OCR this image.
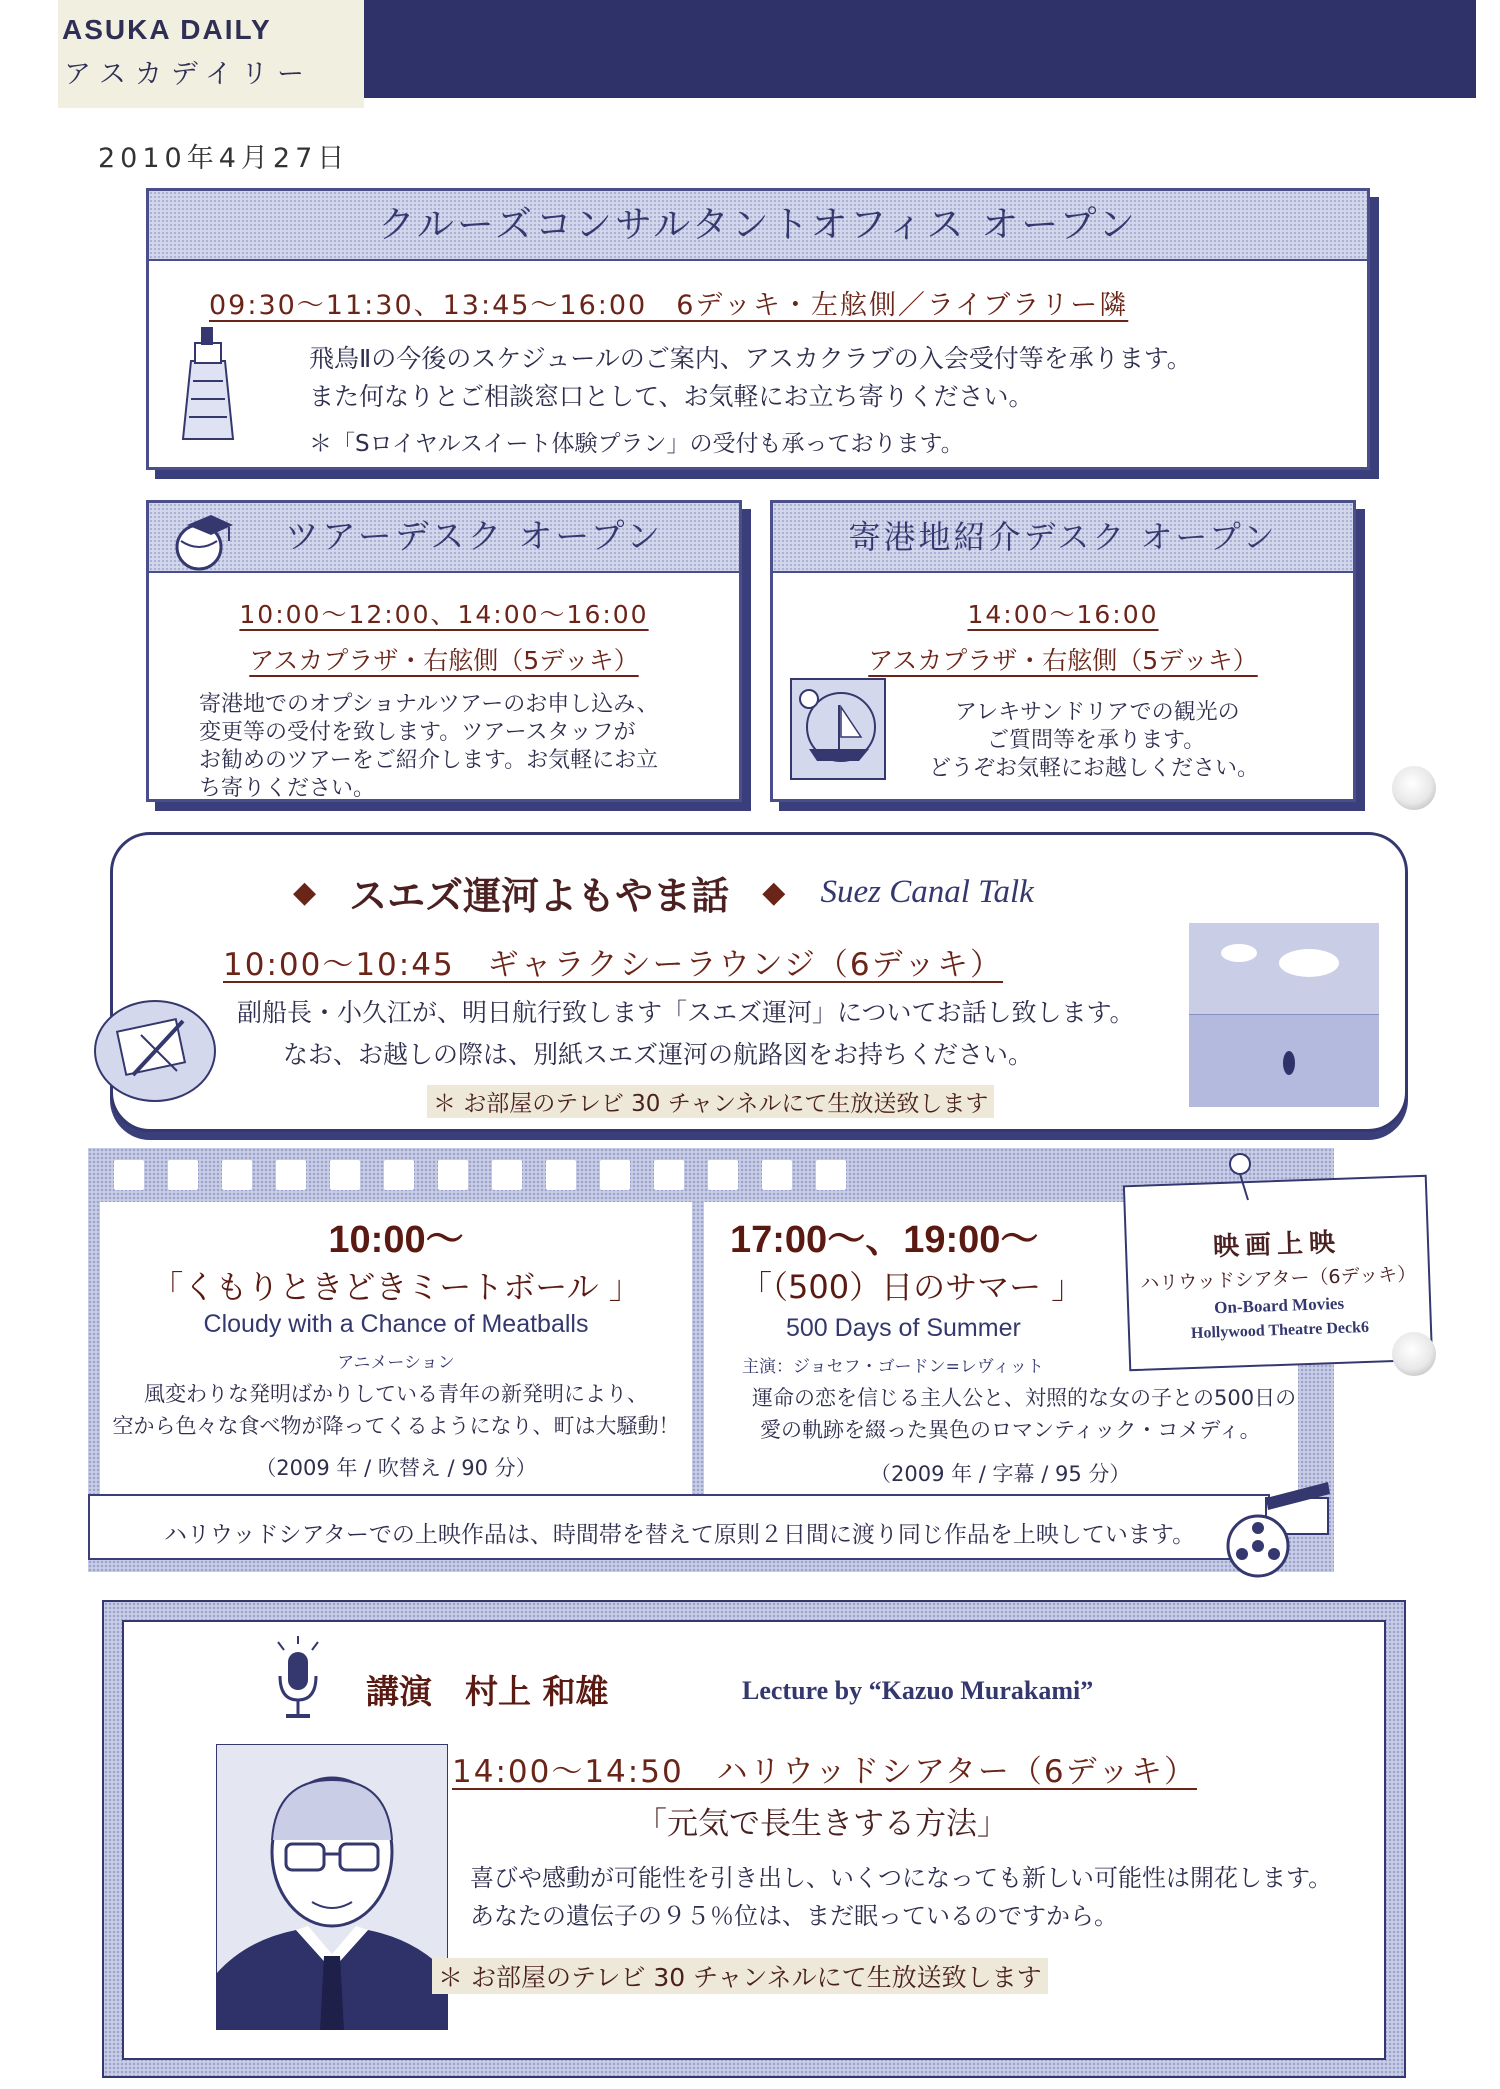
ASUKA DAILY
アスカデイリー
2010年4月27日
クルーズコンサルタントオフィス オープン
09:30～11:30、13:45～16:00　6デッキ・左舷側／ライブラリー隣
飛鳥Ⅱの今後のスケジュールのご案内、アスカクラブの入会受付等を承ります。
また何なりとご相談窓口として、お気軽にお立ち寄りください。
＊「Sロイヤルスイート体験プラン」の受付も承っております。
ツアーデスク オープン
10:00～12:00、14:00～16:00
アスカプラザ・右舷側（5デッキ）
寄港地でのオプショナルツアーのお申し込み、
変更等の受付を致します。ツアースタッフが
お勧めのツアーをご紹介します。お気軽にお立
ち寄りください。
寄港地紹介デスク オープン
14:00～16:00
アスカプラザ・右舷側（5デッキ）
アレキサンドリアでの観光の
ご質問等を承ります。
どうぞお気軽にお越しください。
◆ スエズ運河よもやま話 ◆ Suez Canal Talk
10:00～10:45　ギャラクシーラウンジ（6デッキ）
副船長・小久江が、明日航行致します「スエズ運河」についてお話し致します。
なお、お越しの際は、別紙スエズ運河の航路図をお持ちください。
＊ お部屋のテレビ 30 チャンネルにて生放送致します
10:00～
「くもりときどきミートボール 」
Cloudy with a Chance of Meatballs
アニメーション
風変わりな発明ばかりしている青年の新発明により、
空から色々な食べ物が降ってくるようになり、町は大騒動！
（2009 年 / 吹替え / 90 分）
17:00～、19:00～
「（500）日のサマー 」
500 Days of Summer
主演：ジョセフ・ゴードン=レヴィット
運命の恋を信じる主人公と、対照的な女の子との500日の
愛の軌跡を綴った異色のロマンティック・コメディ。
（2009 年 / 字幕 / 95 分）
映画上映
ハリウッドシアター（6デッキ）
On-Board Movies
Hollywood Theatre Deck6
ハリウッドシアターでの上映作品は、時間帯を替えて原則２日間に渡り同じ作品を上映しています。
講演　村上 和雄	Lecture by “Kazuo Murakami”
14:00～14:50　ハリウッドシアター（6デッキ）
「元気で長生きする方法」
喜びや感動が可能性を引き出し、いくつになっても新しい可能性は開花します。
あなたの遺伝子の９５％位は、まだ眠っているのですから。
＊ お部屋のテレビ 30 チャンネルにて生放送致します
